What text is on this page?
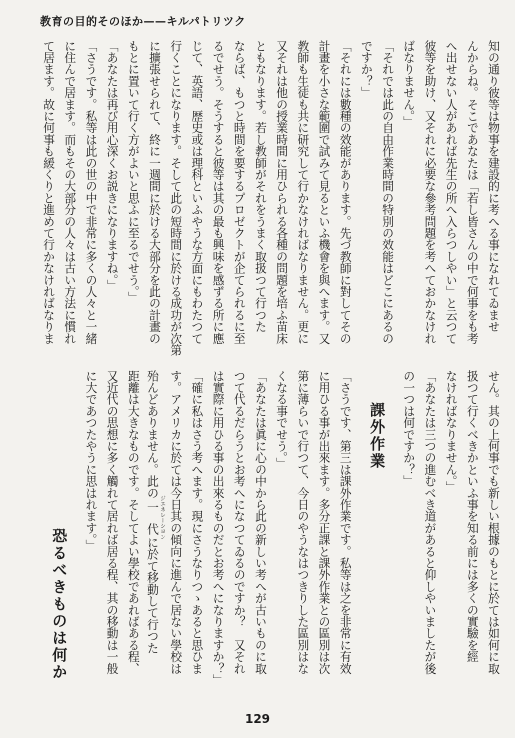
教育の目的そのほか——キルパトリツク
知の通り彼等は物事を建設的に考へる事になれてゐませ
んからね。そこであなたは「若し皆さんの中で何事をも考
へ出せない人があれば先生の所へ入らつしやい」と云つて
彼等を助け、又それに必要な參考問題を考へておかなけれ
ばなりません。」
「それでは此の自由作業時間の特別の效能はどこにあるの
ですか？」
「それには數種の效能があります。先づ教師に對してその
計畫を小さな範圍で試みて見るといふ機會を與へます。又
教師も生徒も共に研究して行かなければなりません。更に
又それは他の授業時間に用ひられる各種の問題を培ふ苗床
ともなります。若し教師がそれをうまく取扱つて行つた
ならば、もつと時間を要するプロゼクトが企てられるに至
るでせう。そうすると彼等は其の最も興味を感ずる所に應
じて、英語、歴史或は理科といふやうな方面にもわたつて
行くことになります。そして此の短時間に於ける成功が次第
に擴張せられて、終に一週間に於ける大部分を此の計畫の
もとに置いて行く方がよいと思ふに至るでせう。」
「あなたは再び用心深くお説きになりますね。」
「さうです。私等は此の世の中で非常に多くの人々と一緒
に住んで居ます。而もその大部分の人々は古い方法に慣れ
て居ます。故に何事も緩くりと進めて行かなければなりま
せん。其の上何事でも新しい根據のもとに於ては如何に取
扱つて行くべきかといふ事を知る前には多くの實驗を經
なければなりません。」
「あなたは三つの進むべき道があると仰しやいましたが後
の一つは何ですか？」
課外作業
「さうです、第三は課外作業です。私等は之を非常に有效
に用ひる事が出來ます。多分正課と課外作業との區別は次
第に薄らいで行つて、今日のやうなはつきりした區別はな
くなる事でせう。」
「あなたは眞に心の中から此の新しい考へが古いものに取
つて代るだらうとお考へになつてゐるのですか？　又それ
は實際に用ひる事の出來るものだとお考へになりますか？」
「確に私はさう考へます。現にさうなりつゝあると思ひま
す。アメリカに於ては今日其の傾向に進んで居ない學校は
殆んどありません。此の一代 ジエネレーシヨンに於て移動して行つた
距離は大きなものです。そしてよい學校であればある程、
又近代の思想に多く觸れて居れば居る程、其の移動は一般
に大であつたやうに思はれます。」
恐るべきものは何か
129
